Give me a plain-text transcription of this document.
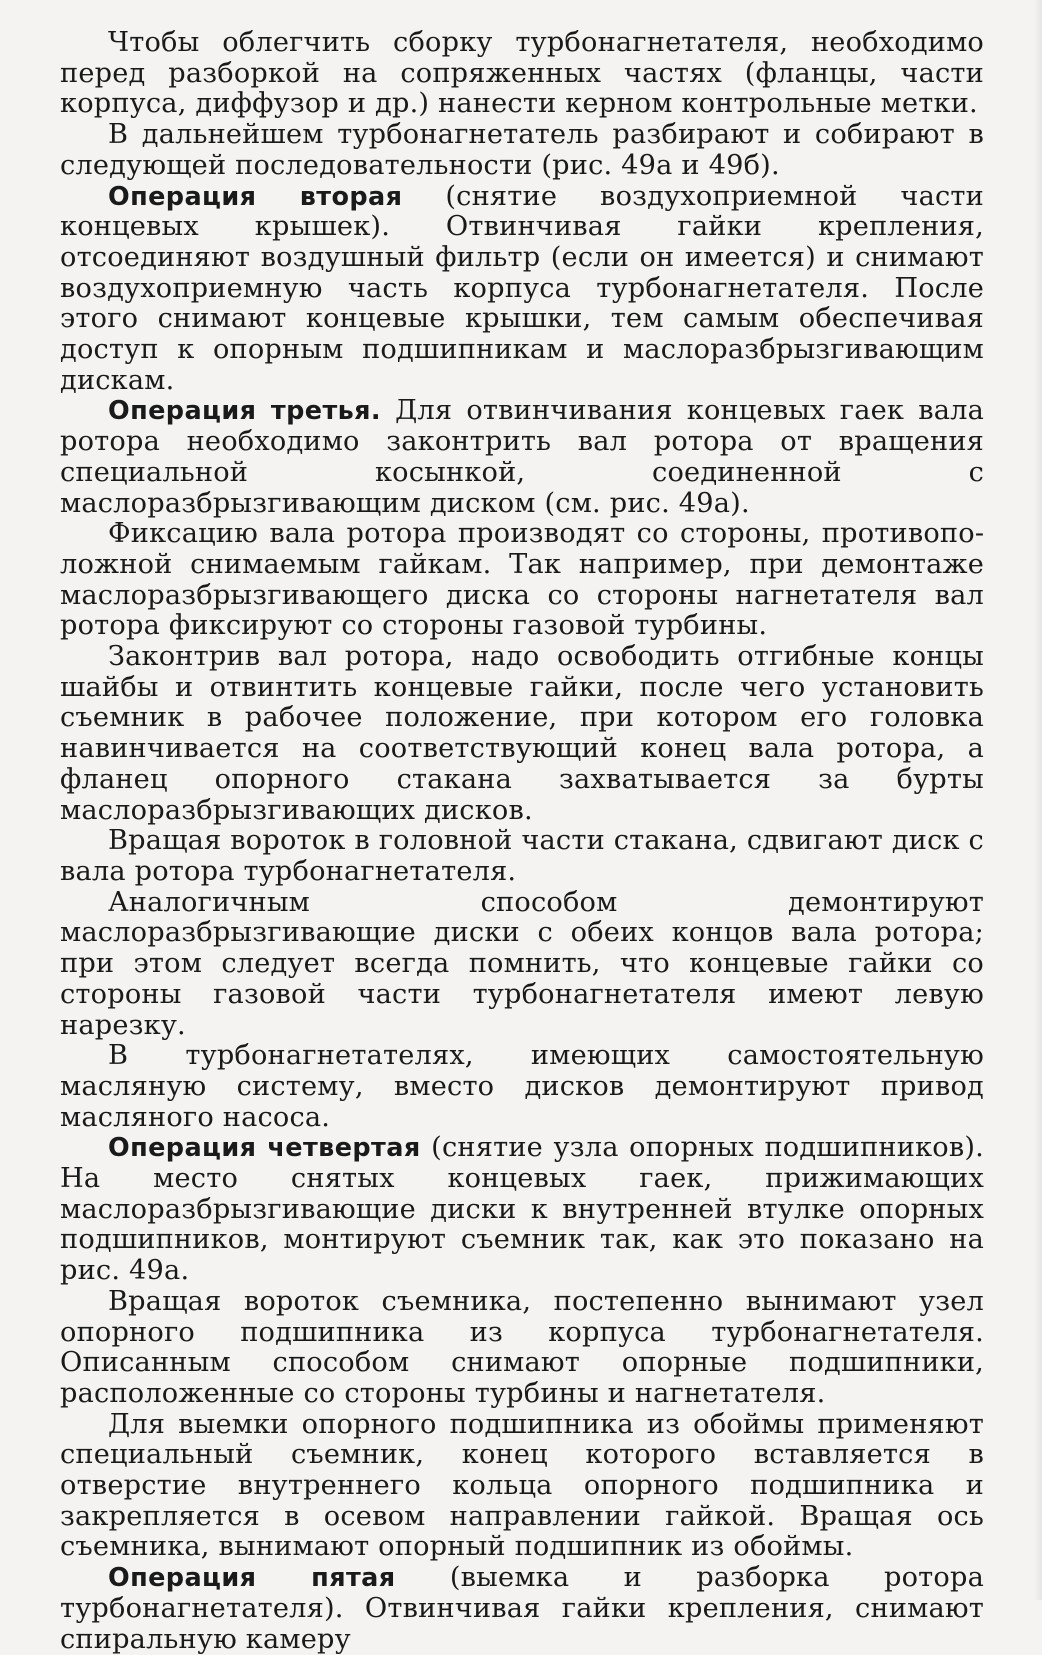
Чтобы облегчить сборку турбонагнетателя, необходимо перед разборкой на сопряженных частях (фланцы, части корпуса, диффузор и др.) нанести керном контрольные метки.

В дальнейшем турбонагнетатель разбирают и собирают в следующей последовательности (рис. 49а и 49б).

Операция вторая (снятие воздухоприемной части концевых крышек). Отвинчивая гайки крепления, отсоединяют воздушный фильтр (если он имеется) и снимают воздухоприемную часть корпуса турбонагнетателя. После этого снимают концевые крышки, тем самым обеспечивая доступ к опорным подшипникам и маслоразбрызгивающим дискам.

Операция третья. Для отвинчивания концевых гаек вала ротора необходимо законтрить вал ротора от вращения специальной косынкой, соединенной с маслоразбрызгивающим диском (см. рис. 49а).

Фиксацию вала ротора производят со стороны, противоположной снимаемым гайкам. Так например, при демонтаже маслоразбрызгивающего диска со стороны нагнетателя вал ротора фиксируют со стороны газовой турбины.

Законтрив вал ротора, надо освободить отгибные концы шайбы и отвинтить концевые гайки, после чего установить съемник в рабочее положение, при котором его головка навинчивается на соответствующий конец вала ротора, а фланец опорного стакана захватывается за бурты маслоразбрызгивающих дисков.

Вращая вороток в головной части стакана, сдвигают диск с вала ротора турбонагнетателя.

Аналогичным способом демонтируют маслоразбрызгивающие диски с обеих концов вала ротора; при этом следует всегда помнить, что концевые гайки со стороны газовой части турбонагнетателя имеют левую нарезку.

В турбонагнетателях, имеющих самостоятельную масляную систему, вместо дисков демонтируют привод масляного насоса.

Операция четвертая (снятие узла опорных подшипников). На место снятых концевых гаек, прижимающих маслоразбрызгивающие диски к внутренней втулке опорных подшипников, монтируют съемник так, как это показано на рис. 49а.

Вращая вороток съемника, постепенно вынимают узел опорного подшипника из корпуса турбонагнетателя. Описанным способом снимают опорные подшипники, расположенные со стороны турбины и нагнетателя.

Для выемки опорного подшипника из обоймы применяют специальный съемник, конец которого вставляется в отверстие внутреннего кольца опорного подшипника и закрепляется в осевом направлении гайкой. Вращая ось съемника, вынимают опорный подшипник из обоймы.

Операция пятая (выемка и разборка ротора турбонагнетателя). Отвинчивая гайки крепления, снимают спиральную камеру
